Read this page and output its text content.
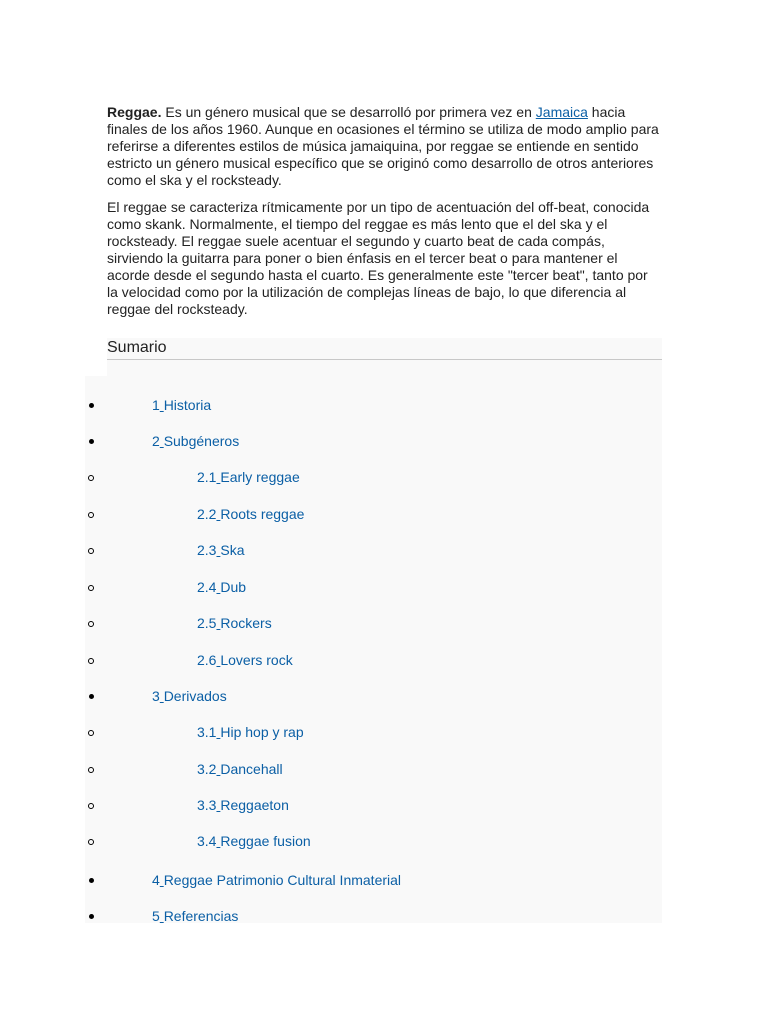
Reggae. Es un género musical que se desarrolló por primera vez en Jamaica hacia finales de los años 1960. Aunque en ocasiones el término se utiliza de modo amplio para referirse a diferentes estilos de música jamaiquina, por reggae se entiende en sentido estricto un género musical específico que se originó como desarrollo de otros anteriores como el ska y el rocksteady.

El reggae se caracteriza rítmicamente por un tipo de acentuación del off-beat, conocida como skank. Normalmente, el tiempo del reggae es más lento que el del ska y el rocksteady. El reggae suele acentuar el segundo y cuarto beat de cada compás, sirviendo la guitarra para poner o bien énfasis en el tercer beat o para mantener el acorde desde el segundo hasta el cuarto. Es generalmente este "tercer beat", tanto por la velocidad como por la utilización de complejas líneas de bajo, lo que diferencia al reggae del rocksteady.

Sumario
1 Historia
2 Subgéneros
2.1 Early reggae
2.2 Roots reggae
2.3 Ska
2.4 Dub
2.5 Rockers
2.6 Lovers rock
3 Derivados
3.1 Hip hop y rap
3.2 Dancehall
3.3 Reggaeton
3.4 Reggae fusion
4 Reggae Patrimonio Cultural Inmaterial
5 Referencias
